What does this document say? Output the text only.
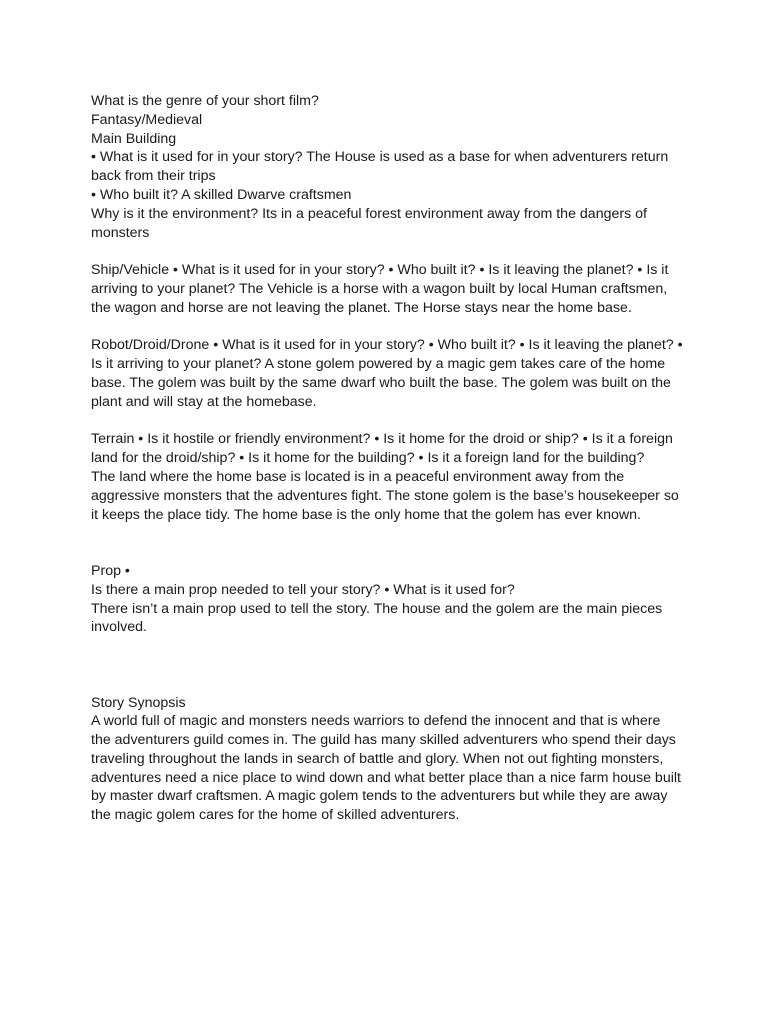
What is the genre of your short film?

Fantasy/Medieval

Main Building

• What is it used for in your story? The House is used as a base for when adventurers return back from their trips

• Who built it? A skilled Dwarve craftsmen

Why is it the environment? Its in a peaceful forest environment away from the dangers of monsters

Ship/Vehicle • What is it used for in your story? • Who built it? • Is it leaving the planet? • Is it arriving to your planet? The Vehicle is a horse with a wagon built by local Human craftsmen, the wagon and horse are not leaving the planet. The Horse stays near the home base.

Robot/Droid/Drone • What is it used for in your story? • Who built it? • Is it leaving the planet? • Is it arriving to your planet? A stone golem powered by a magic gem takes care of the home base. The golem was built by the same dwarf who built the base. The golem was built on the plant and will stay at the homebase.

Terrain • Is it hostile or friendly environment? • Is it home for the droid or ship? • Is it a foreign land for the droid/ship? • Is it home for the building? • Is it a foreign land for the building?

The land where the home base is located is in a peaceful environment away from the aggressive monsters that the adventures fight. The stone golem is the base’s housekeeper so it keeps the place tidy. The home base is the only home that the golem has ever known.

Prop •

Is there a main prop needed to tell your story? • What is it used for?

There isn’t a main prop used to tell the story. The house and the golem are the main pieces involved.

Story Synopsis

A world full of magic and monsters needs warriors to defend the innocent and that is where the adventurers guild comes in. The guild has many skilled adventurers who spend their days traveling throughout the lands in search of battle and glory. When not out fighting monsters, adventures need a nice place to wind down and what better place than a nice farm house built by master dwarf craftsmen. A magic golem tends to the adventurers but while they are away the magic golem cares for the home of skilled adventurers.
